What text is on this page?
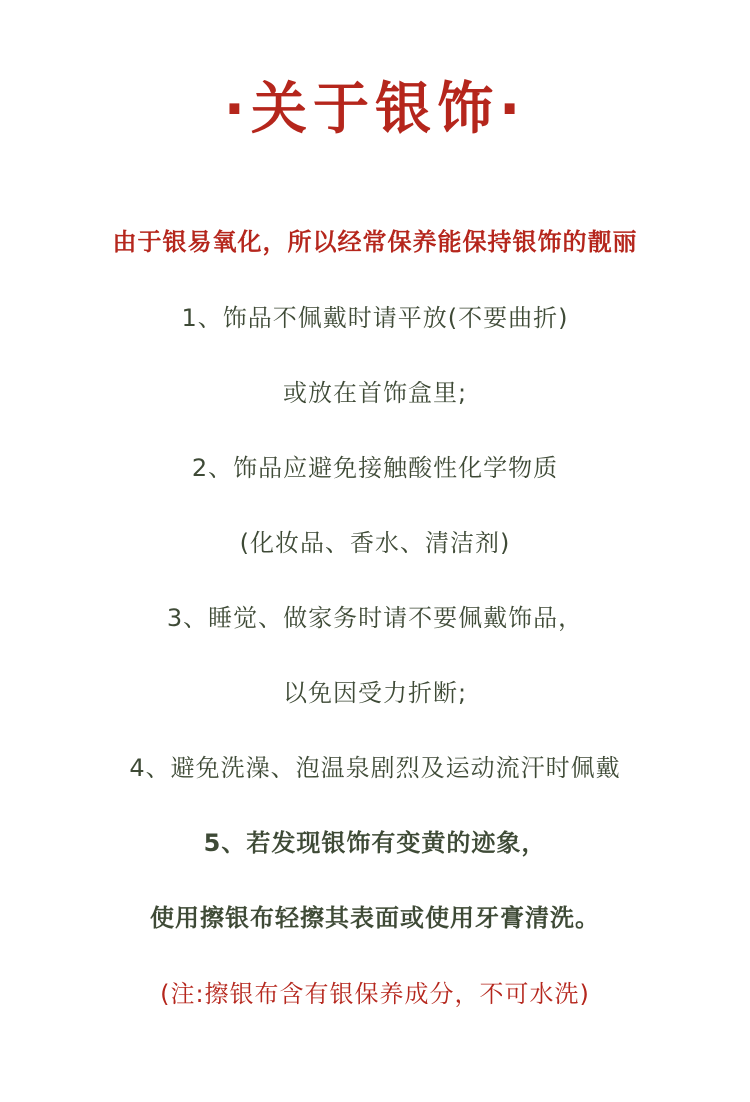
·关于银饰·
由于银易氧化，所以经常保养能保持银饰的靓丽
1、饰品不佩戴时请平放(不要曲折)
或放在首饰盒里;
2、饰品应避免接触酸性化学物质
(化妆品、香水、清洁剂)
3、睡觉、做家务时请不要佩戴饰品，
以免因受力折断;
4、避免洗澡、泡温泉剧烈及运动流汗时佩戴
5、若发现银饰有变黄的迹象，
使用擦银布轻擦其表面或使用牙膏清洗。
(注:擦银布含有银保养成分，不可水洗)
